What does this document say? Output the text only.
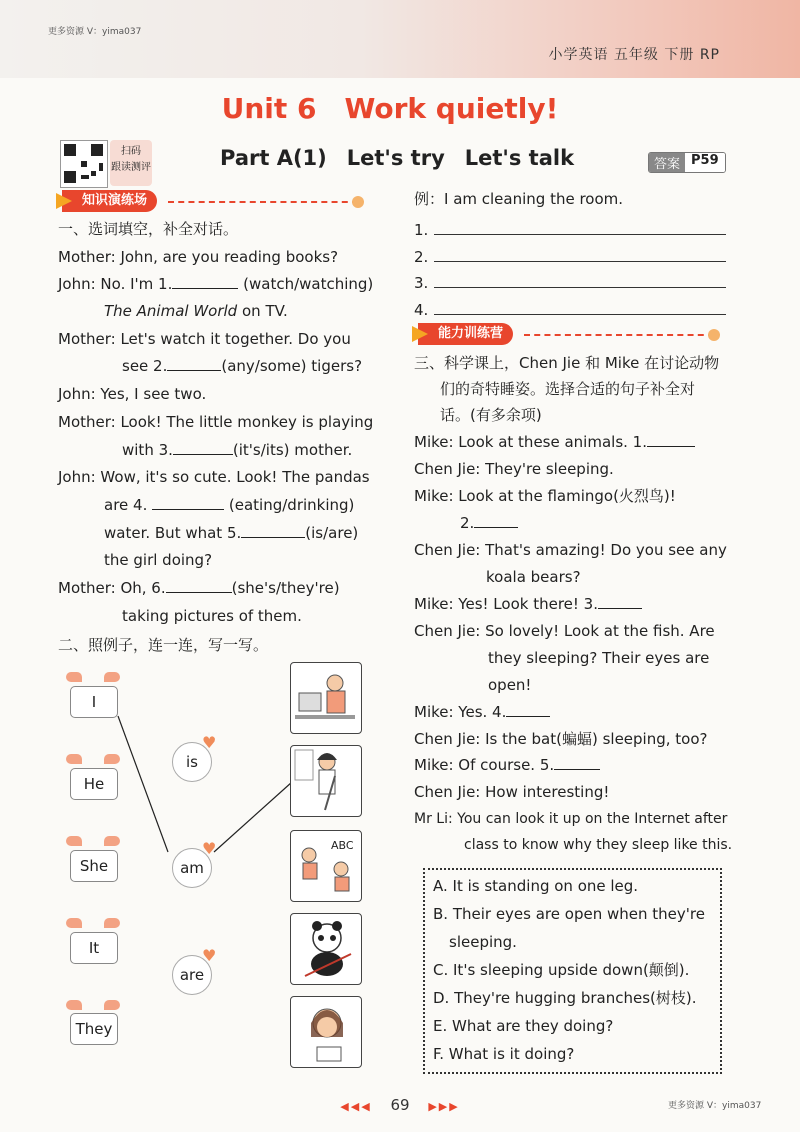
更多资源 V：yima037
小学英语 五年级 下册 RP
Unit 6 Work quietly!
扫码
跟读测评	Part A(1) Let's try Let's talk	答案 P59
知识演练场
一、选词填空，补全对话。
Mother: John, are you reading books?
John: No. I'm 1.	(watch/watching)
The Animal World on TV.
Mother: Let's watch it together. Do you
see 2.	(any/some) tigers?
John: Yes, I see two.
Mother: Look! The little monkey is playing
with 3.	(it's/its) mother.
John: Wow, it's so cute. Look! The pandas
are 4.	(eating/drinking)
water. But what 5.	(is/are)
the girl doing?
Mother: Oh, 6.	(she's/they're)
taking pictures of them.
二、照例子，连一连，写一写。
I
He
She
It
They
is
♥
am
♥
are
♥
ABC
例：I am cleaning the room.
1.
2.
3.
4.
能力训练营
三、科学课上，Chen Jie 和 Mike 在讨论动物
们的奇特睡姿。选择合适的句子补全对
话。(有多余项)
Mike: Look at these animals. 1.
Chen Jie: They're sleeping.
Mike: Look at the flamingo(火烈鸟)!
2.
Chen Jie: That's amazing! Do you see any
koala bears?
Mike: Yes! Look there! 3.
Chen Jie: So lovely! Look at the fish. Are
they sleeping? Their eyes are
open!
Mike: Yes. 4.
Chen Jie: Is the bat(蝙蝠) sleeping, too?
Mike: Of course. 5.
Chen Jie: How interesting!
Mr Li: You can look it up on the Internet after
class to know why they sleep like this.
A. It is standing on one leg.
B. Their eyes are open when they're
sleeping.
C. It's sleeping upside down(颠倒).
D. They're hugging branches(树枝).
E. What are they doing?
F. What is it doing?
◀◀◀ 69 ▶▶▶	更多资源 V：yima037
